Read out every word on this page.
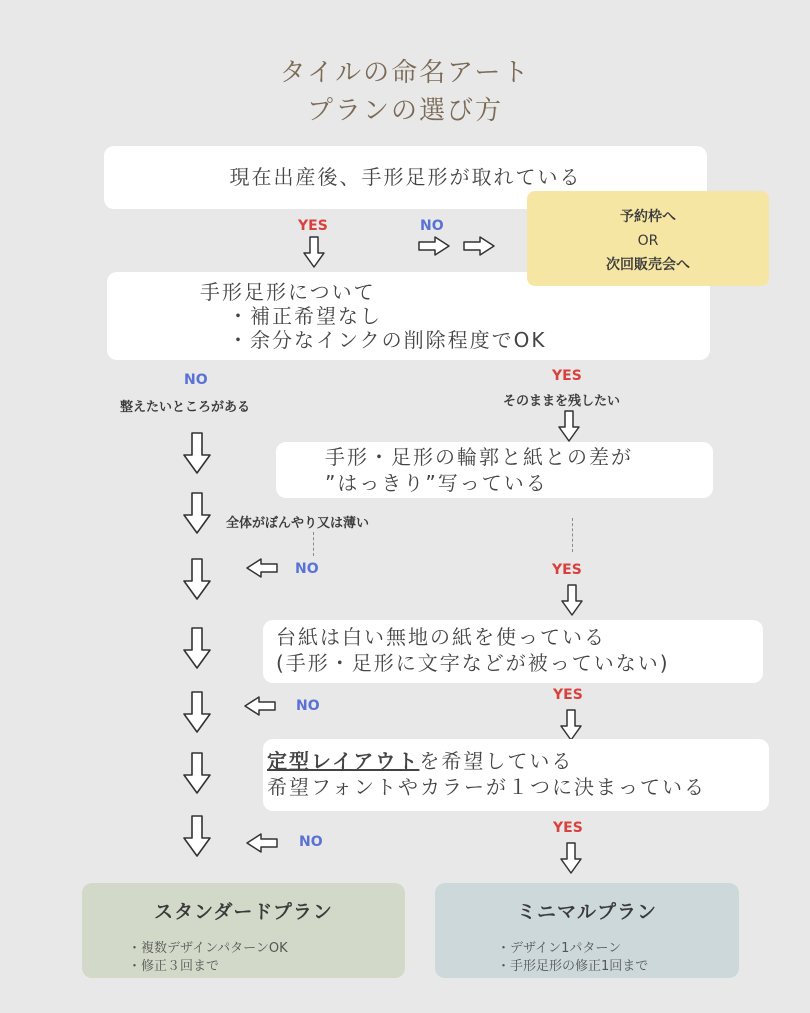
タイルの命名アート
プランの選び方
現在出産後、手形足形が取れている
YES	NO
手形足形について
・補正希望なし
・余分なインクの削除程度でOK
予約枠へ
OR
次回販売会へ
NO
整えたいところがある
YES
そのままを残したい
手形・足形の輪郭と紙との差が
”はっきり”写っている
全体がぼんやり又は薄い
NO	YES
台紙は白い無地の紙を使っている
(手形・足形に文字などが被っていない)
NO
YES
定型レイアウトを希望している
希望フォントやカラーが１つに決まっている
NO
YES
スタンダードプラン
・複数デザインパターンOK
・修正３回まで
ミニマルプラン
・デザイン1パターン
・手形足形の修正1回まで
